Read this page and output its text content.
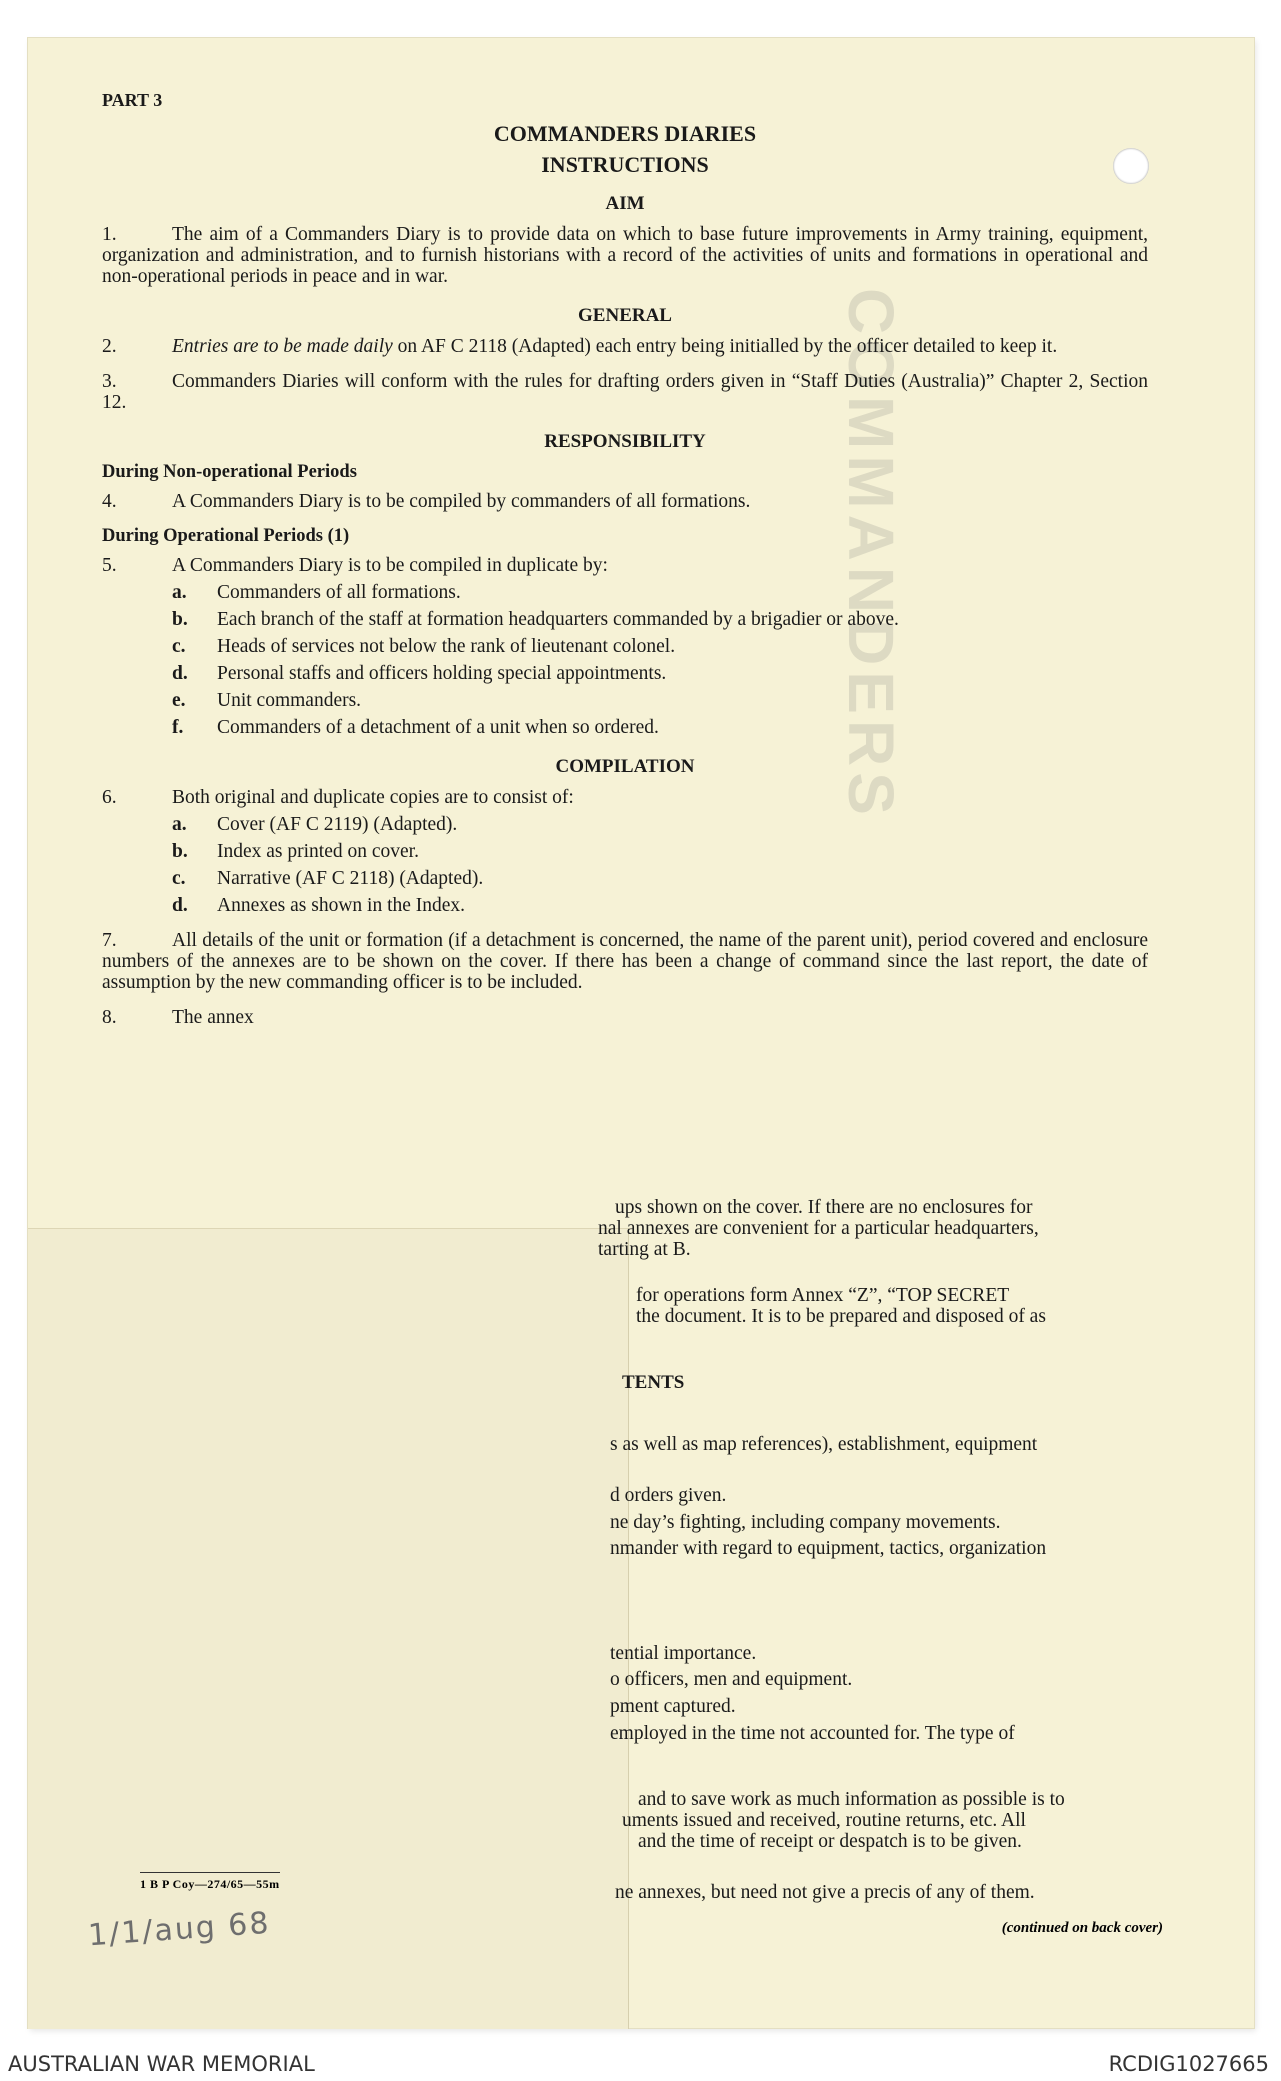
COMMANDERS
PART 3
COMMANDERS DIARIES
INSTRUCTIONS
AIM
1.	The aim of a Commanders Diary is to provide data on which to base future improvements in Army training, equipment, organization and administration, and to furnish historians with a record of the activities of units and formations in operational and non-operational periods in peace and in war.
GENERAL
2.	Entries are to be made daily on AF C 2118 (Adapted) each entry being initialled by the officer detailed to keep it.
3.	Commanders Diaries will conform with the rules for drafting orders given in “Staff Duties (Australia)” Chapter 2, Section 12.
RESPONSIBILITY
During Non-operational Periods
4.	A Commanders Diary is to be compiled by commanders of all formations.
During Operational Periods (1)
5.	A Commanders Diary is to be compiled in duplicate by:
a. Commanders of all formations.
b. Each branch of the staff at formation headquarters commanded by a brigadier or above.
c. Heads of services not below the rank of lieutenant colonel.
d. Personal staffs and officers holding special appointments.
e. Unit commanders.
f. Commanders of a detachment of a unit when so ordered.
COMPILATION
6.	Both original and duplicate copies are to consist of:
a. Cover (AF C 2119) (Adapted).
b. Index as printed on cover.
c. Narrative (AF C 2118) (Adapted).
d. Annexes as shown in the Index.
7.	All details of the unit or formation (if a detachment is concerned, the name of the parent unit), period covered and enclosure numbers of the annexes are to be shown on the cover. If there has been a change of command since the last report, the date of assumption by the new commanding officer is to be included.
8.	The annex
ups shown on the cover. If there are no enclosures for
nal annexes are convenient for a particular headquarters,
tarting at B.
for operations form Annex “Z”, “TOP SECRET
the document. It is to be prepared and disposed of as
TENTS
s as well as map references), establishment, equipment
d orders given.
ne day’s fighting, including company movements.
nmander with regard to equipment, tactics, organization
tential importance.
o officers, men and equipment.
pment captured.
employed in the time not accounted for. The type of
and to save work as much information as possible is to
uments issued and received, routine returns, etc. All
and the time of receipt or despatch is to be given.
ne annexes, but need not give a precis of any of them.
1 B P Coy—274/65—55m
1/1/aug 68	(continued on back cover)
AUSTRALIAN WAR MEMORIAL	RCDIG1027665
